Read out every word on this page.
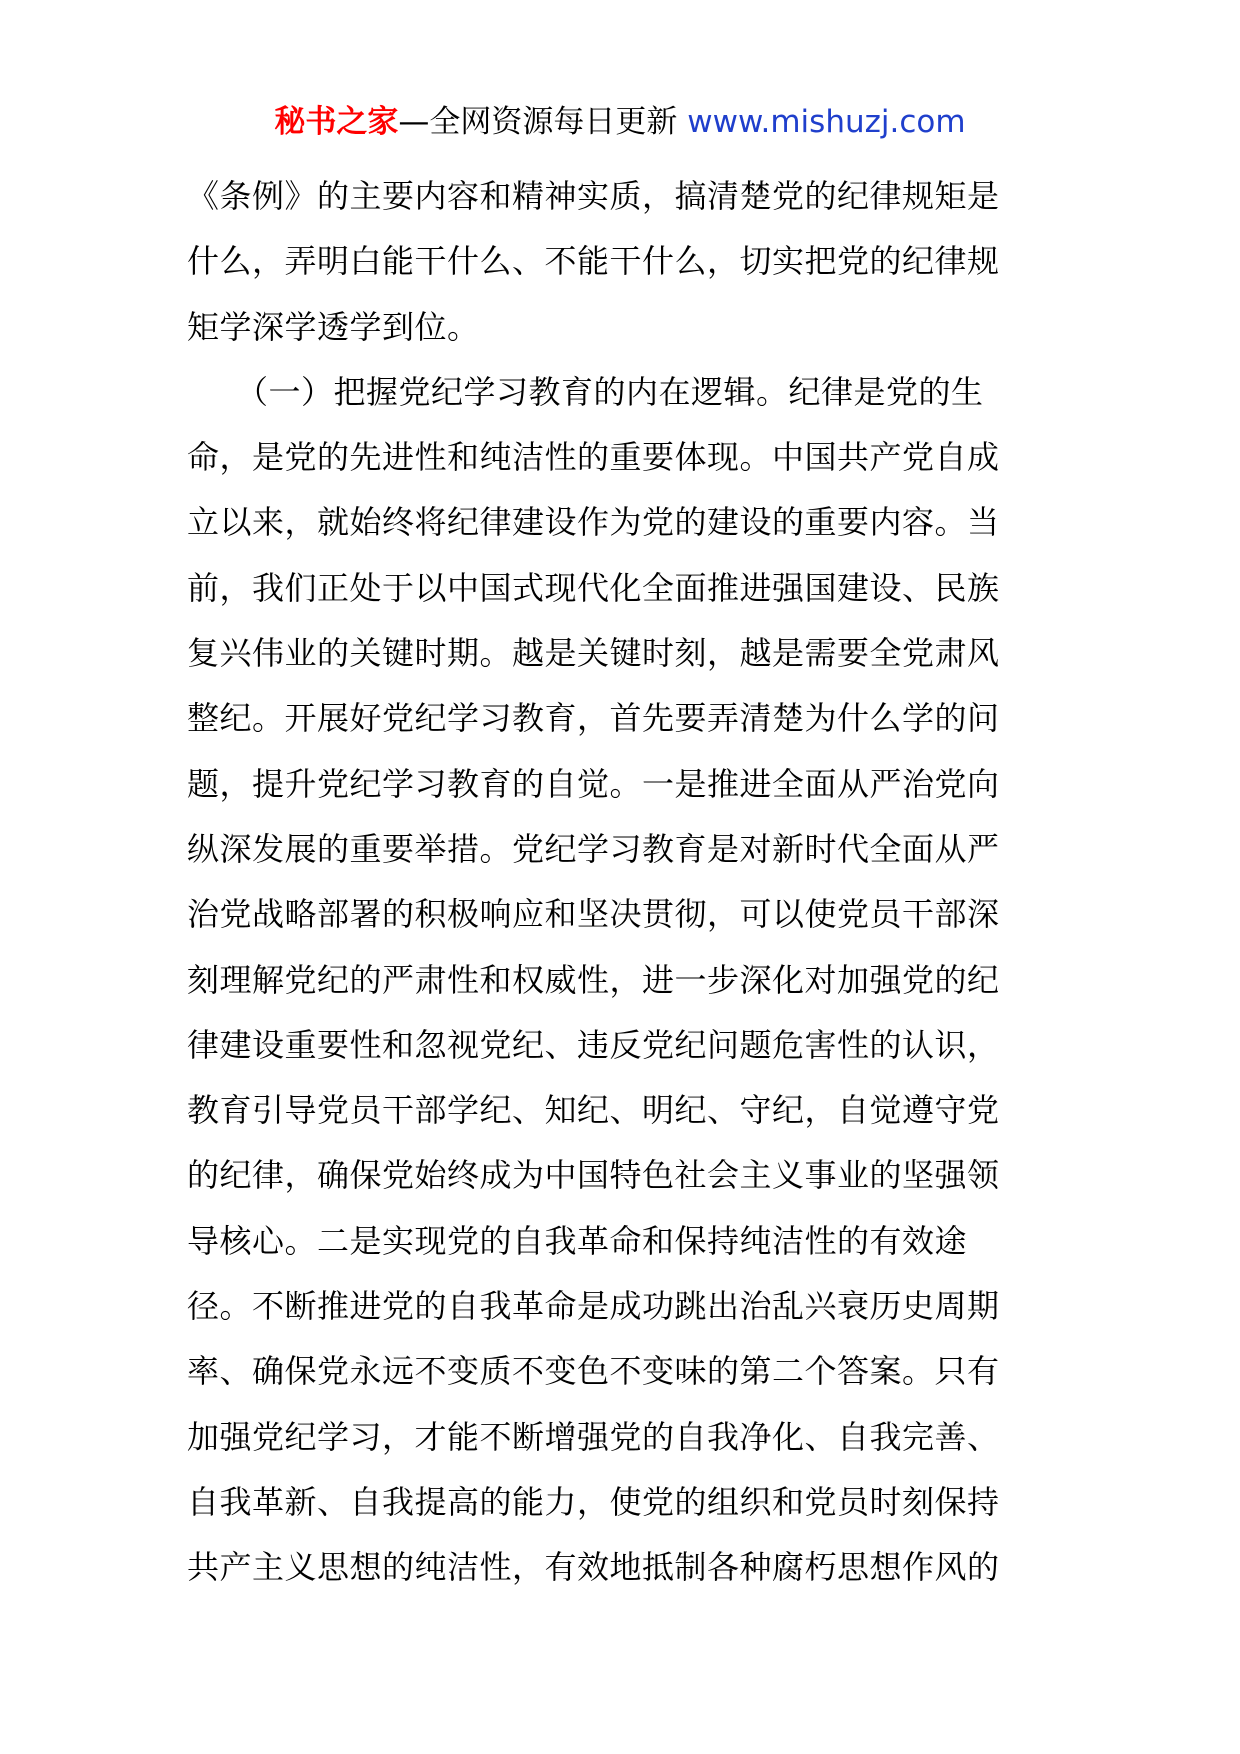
秘书之家—全网资源每日更新 www.mishuzj.com
《条例》的主要内容和精神实质，搞清楚党的纪律规矩是
什么，弄明白能干什么、不能干什么，切实把党的纪律规
矩学深学透学到位。
　　（一）把握党纪学习教育的内在逻辑。纪律是党的生
命，是党的先进性和纯洁性的重要体现。中国共产党自成
立以来，就始终将纪律建设作为党的建设的重要内容。当
前，我们正处于以中国式现代化全面推进强国建设、民族
复兴伟业的关键时期。越是关键时刻，越是需要全党肃风
整纪。开展好党纪学习教育，首先要弄清楚为什么学的问
题，提升党纪学习教育的自觉。一是推进全面从严治党向
纵深发展的重要举措。党纪学习教育是对新时代全面从严
治党战略部署的积极响应和坚决贯彻，可以使党员干部深
刻理解党纪的严肃性和权威性，进一步深化对加强党的纪
律建设重要性和忽视党纪、违反党纪问题危害性的认识，
教育引导党员干部学纪、知纪、明纪、守纪，自觉遵守党
的纪律，确保党始终成为中国特色社会主义事业的坚强领
导核心。二是实现党的自我革命和保持纯洁性的有效途
径。不断推进党的自我革命是成功跳出治乱兴衰历史周期
率、确保党永远不变质不变色不变味的第二个答案。只有
加强党纪学习，才能不断增强党的自我净化、自我完善、
自我革新、自我提高的能力，使党的组织和党员时刻保持
共产主义思想的纯洁性，有效地抵制各种腐朽思想作风的
